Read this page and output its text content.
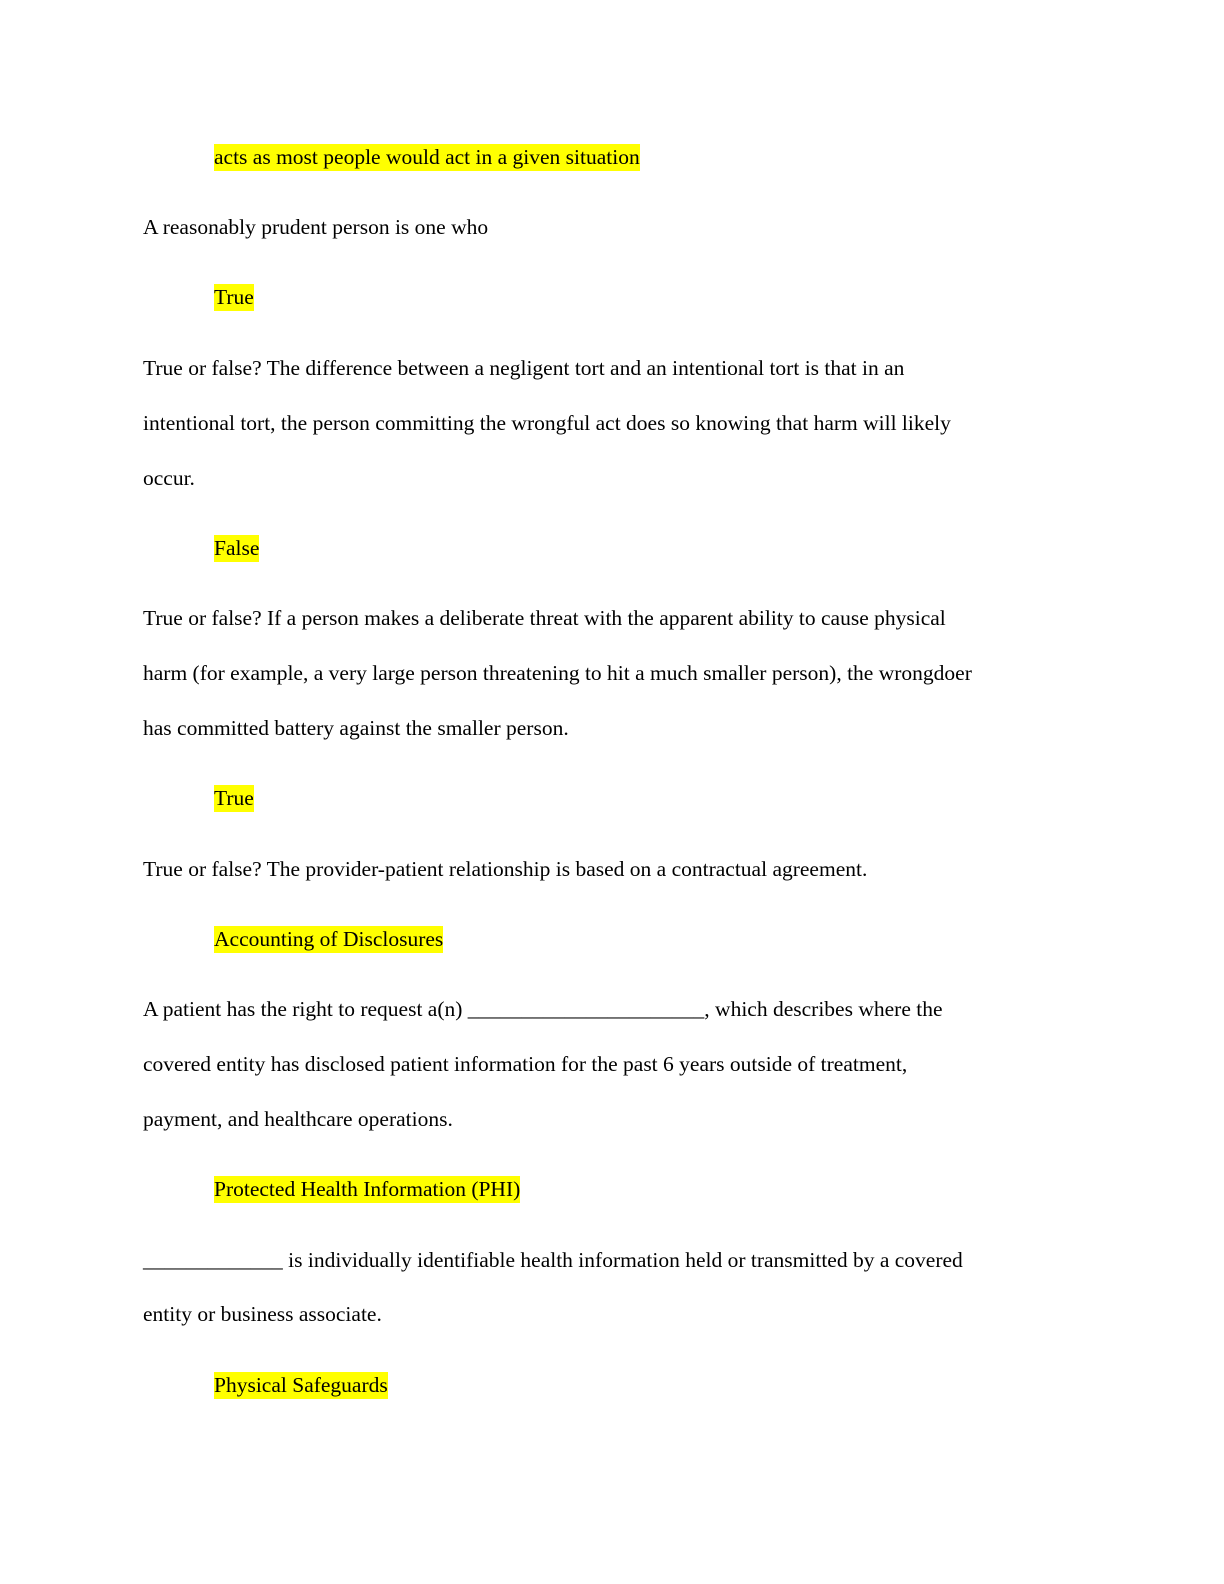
acts as most people would act in a given situation
A reasonably prudent person is one who
True
True or false? The difference between a negligent tort and an intentional tort is that in an
intentional tort, the person committing the wrongful act does so knowing that harm will likely
occur.
False
True or false? If a person makes a deliberate threat with the apparent ability to cause physical
harm (for example, a very large person threatening to hit a much smaller person), the wrongdoer
has committed battery against the smaller person.
True
True or false? The provider-patient relationship is based on a contractual agreement.
Accounting of Disclosures
A patient has the right to request a(n) ______________________, which describes where the
covered entity has disclosed patient information for the past 6 years outside of treatment,
payment, and healthcare operations.
Protected Health Information (PHI)
_____________ is individually identifiable health information held or transmitted by a covered
entity or business associate.
Physical Safeguards
